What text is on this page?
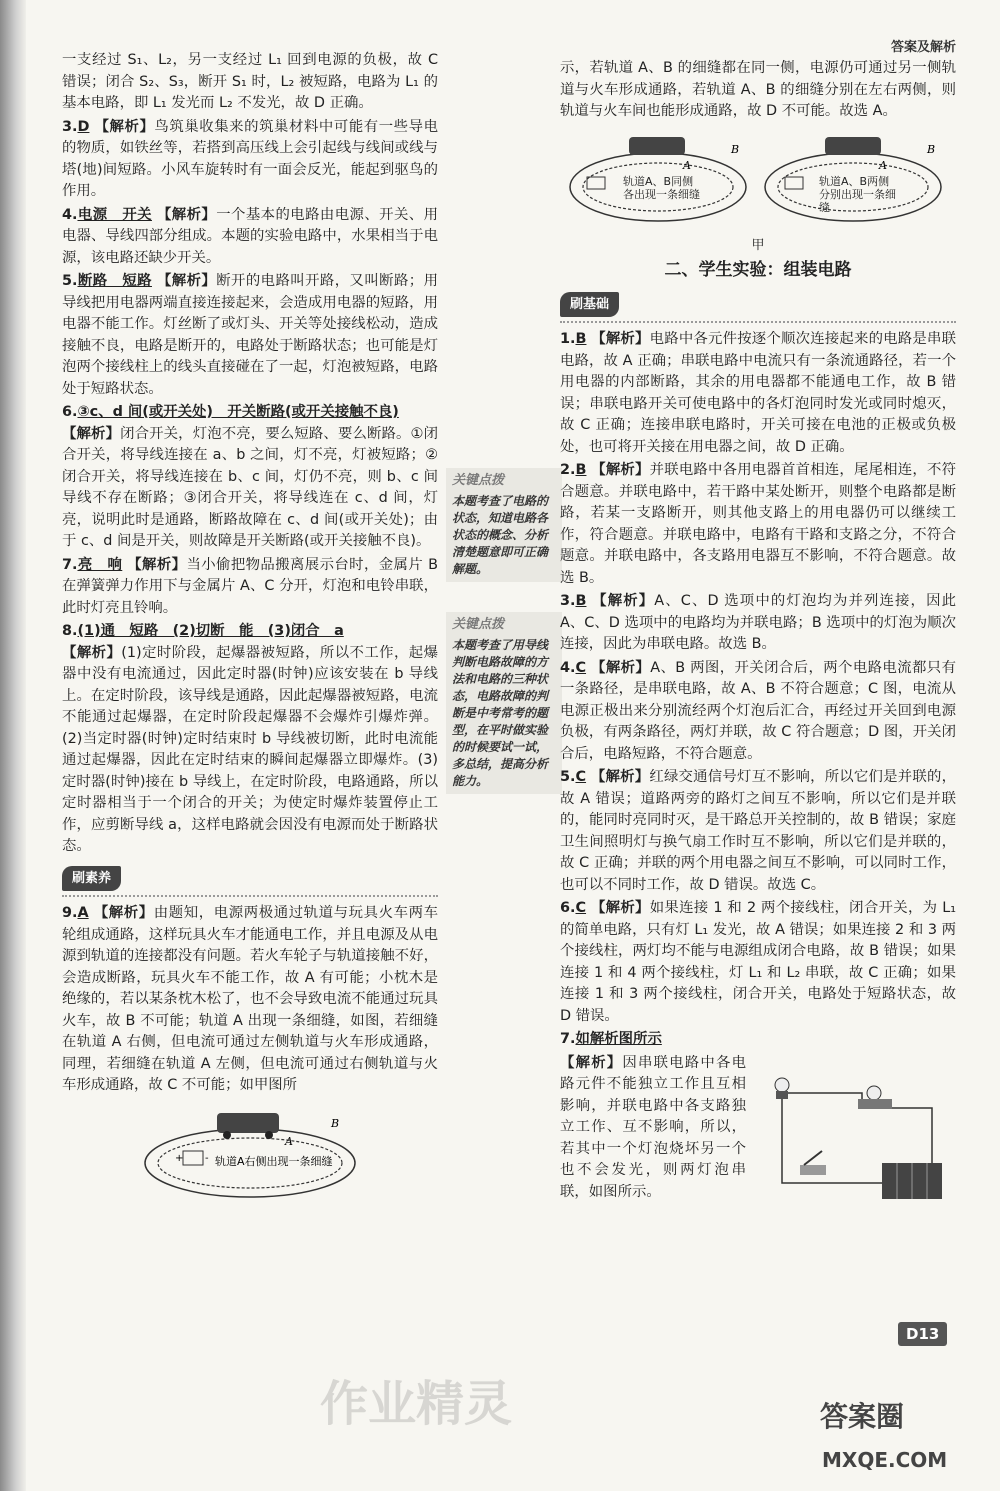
答案及解析

一支经过 S₁、L₂，另一支经过 L₁ 回到电源的负极，故 C 错误；闭合 S₂、S₃，断开 S₁ 时，L₂ 被短路，电路为 L₁ 的基本电路，即 L₁ 发光而 L₂ 不发光，故 D 正确。

3.D 【解析】鸟筑巢收集来的筑巢材料中可能有一些导电的物质，如铁丝等，若搭到高压线上会引起线与线间或线与塔(地)间短路。小风车旋转时有一面会反光，能起到驱鸟的作用。

4.电源　开关 【解析】一个基本的电路由电源、开关、用电器、导线四部分组成。本题的实验电路中，水果相当于电源，该电路还缺少开关。

5.断路　短路 【解析】断开的电路叫开路，又叫断路；用导线把用电器两端直接连接起来，会造成用电器的短路，用电器不能工作。灯丝断了或灯头、开关等处接线松动，造成接触不良，电路是断开的，电路处于断路状态；也可能是灯泡两个接线柱上的线头直接碰在了一起，灯泡被短路，电路处于短路状态。

6.③c、d 间(或开关处)　开关断路(或开关接触不良)
【解析】闭合开关，灯泡不亮，要么短路、要么断路。①闭合开关，将导线连接在 a、b 之间，灯不亮，灯被短路；②闭合开关，将导线连接在 b、c 间，灯仍不亮，则 b、c 间导线不存在断路；③闭合开关，将导线连在 c、d 间，灯亮，说明此时是通路，断路故障在 c、d 间(或开关处)；由于 c、d 间是开关，则故障是开关断路(或开关接触不良)。

7.亮　响 【解析】当小偷把物品搬离展示台时，金属片 B 在弹簧弹力作用下与金属片 A、C 分开，灯泡和电铃串联，此时灯亮且铃响。

8.(1)通　短路　(2)切断　能　(3)闭合　a
【解析】(1)定时阶段，起爆器被短路，所以不工作，起爆器中没有电流通过，因此定时器(时钟)应该安装在 b 导线上。在定时阶段，该导线是通路，因此起爆器被短路，电流不能通过起爆器，在定时阶段起爆器不会爆炸引爆炸弹。(2)当定时器(时钟)定时结束时 b 导线被切断，此时电流能通过起爆器，因此在定时结束的瞬间起爆器立即爆炸。(3)定时器(时钟)接在 b 导线上，在定时阶段，电路通路，所以定时器相当于一个闭合的开关；为使定时爆炸装置停止工作，应剪断导线 a，这样电路就会因没有电源而处于断路状态。

刷素养

9.A 【解析】由题知，电源两极通过轨道与玩具火车两车轮组成通路，这样玩具火车才能通电工作，并且电源及从电源到轨道的连接都没有问题。若火车轮子与轨道接触不好，会造成断路，玩具火车不能工作，故 A 有可能；小枕木是绝缘的，若以某条枕木松了，也不会导致电流不能通过玩具火车，故 B 不可能；轨道 A 出现一条细缝，如图，若细缝在轨道 A 右侧，但电流可通过左侧轨道与火车形成通路，同理，若细缝在轨道 A 左侧，但电流可通过右侧轨道与火车形成通路，故 C 不可能；如甲图所

+ -
B
A
轨道A右侧出现一条细缝
关键点拨
本题考查了电路的状态，知道电路各状态的概念、分析清楚题意即可正确解题。
关键点拨
本题考查了用导线判断电路故障的方法和电路的三种状态，电路故障的判断是中考常考的题型，在平时做实验的时候要试一试，多总结，提高分析能力。

示，若轨道 A、B 的细缝都在同一侧，电源仍可通过另一侧轨道与火车形成通路，若轨道 A、B 的细缝分别在左右两侧，则轨道与火车间也能形成通路，故 D 不可能。故选 A。

B
A
轨道A、B同侧各出现一条细缝
B
A
轨道A、B两侧分别出现一条细缝

甲

二、学生实验：组装电路

刷基础

1.B 【解析】电路中各元件按逐个顺次连接起来的电路是串联电路，故 A 正确；串联电路中电流只有一条流通路径，若一个用电器的内部断路，其余的用电器都不能通电工作，故 B 错误；串联电路开关可使电路中的各灯泡同时发光或同时熄灭，故 C 正确；连接串联电路时，开关可接在电池的正极或负极处，也可将开关接在用电器之间，故 D 正确。

2.B 【解析】并联电路中各用电器首首相连，尾尾相连，不符合题意。并联电路中，若干路中某处断开，则整个电路都是断路，若某一支路断开，则其他支路上的用电器仍可以继续工作，符合题意。并联电路中，电路有干路和支路之分，不符合题意。并联电路中，各支路用电器互不影响，不符合题意。故选 B。

3.B 【解析】A、C、D 选项中的灯泡均为并列连接，因此 A、C、D 选项中的电路均为并联电路；B 选项中的灯泡为顺次连接，因此为串联电路。故选 B。

4.C 【解析】A、B 两图，开关闭合后，两个电路电流都只有一条路径，是串联电路，故 A、B 不符合题意；C 图，电流从电源正极出来分别流经两个灯泡后汇合，再经过开关回到电源负极，有两条路径，两灯并联，故 C 符合题意；D 图，开关闭合后，电路短路，不符合题意。

5.C 【解析】红绿交通信号灯互不影响，所以它们是并联的，故 A 错误；道路两旁的路灯之间互不影响，所以它们是并联的，能同时亮同时灭，是干路总开关控制的，故 B 错误；家庭卫生间照明灯与换气扇工作时互不影响，所以它们是并联的，故 C 正确；并联的两个用电器之间互不影响，可以同时工作，也可以不同时工作，故 D 错误。故选 C。

6.C 【解析】如果连接 1 和 2 两个接线柱，闭合开关，为 L₁ 的简单电路，只有灯 L₁ 发光，故 A 错误；如果连接 2 和 3 两个接线柱，两灯均不能与电源组成闭合电路，故 B 错误；如果连接 1 和 4 两个接线柱，灯 L₁ 和 L₂ 串联，故 C 正确；如果连接 1 和 3 两个接线柱，闭合开关，电路处于短路状态，故 D 错误。

7.如解析图所示

【解析】因串联电路中各电路元件不能独立工作且互相影响，并联电路中各支路独立工作、互不影响，所以，若其中一个灯泡烧坏另一个也不会发光，则两灯泡串联，如图所示。

D13
作业精灵	答案圈
MXQE.COM
